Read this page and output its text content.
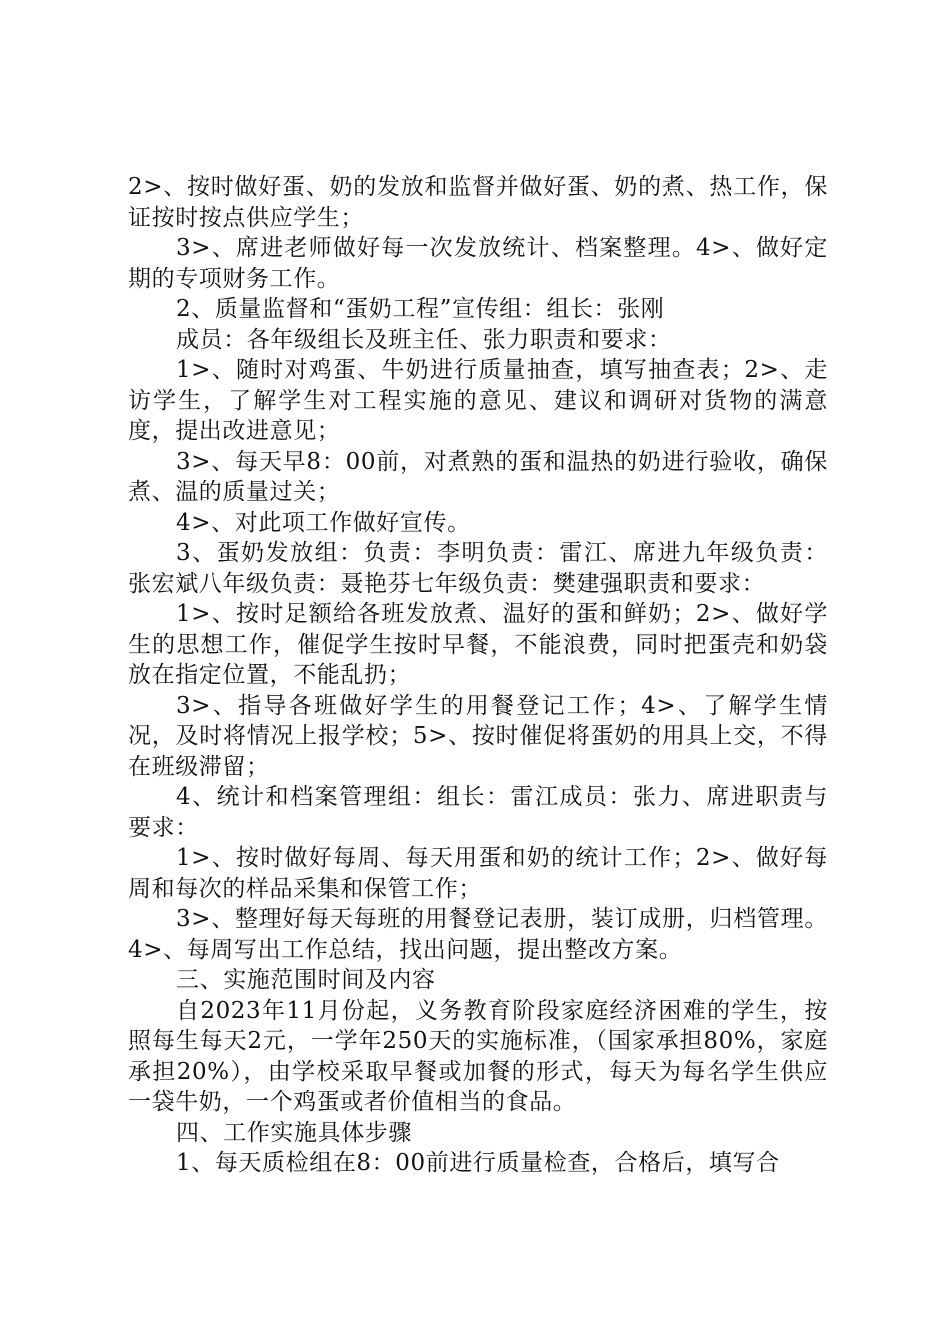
2>、按时做好蛋、奶的发放和监督并做好蛋、奶的煮、热工作，保证按时按点供应学生；

3>、席进老师做好每一次发放统计、档案整理。4>、做好定期的专项财务工作。

2、质量监督和“蛋奶工程”宣传组：组长：张刚

成员：各年级组长及班主任、张力职责和要求：

1>、随时对鸡蛋、牛奶进行质量抽查，填写抽查表；2>、走访学生，了解学生对工程实施的意见、建议和调研对货物的满意度，提出改进意见；

3>、每天早8：00前，对煮熟的蛋和温热的奶进行验收，确保煮、温的质量过关；

4>、对此项工作做好宣传。

3、蛋奶发放组：负责：李明负责：雷江、席进九年级负责：张宏斌八年级负责：聂艳芬七年级负责：樊建强职责和要求：

1>、按时足额给各班发放煮、温好的蛋和鲜奶；2>、做好学生的思想工作，催促学生按时早餐，不能浪费，同时把蛋壳和奶袋放在指定位置，不能乱扔；

3>、指导各班做好学生的用餐登记工作；4>、了解学生情况，及时将情况上报学校；5>、按时催促将蛋奶的用具上交，不得在班级滞留；

4、统计和档案管理组：组长：雷江成员：张力、席进职责与要求：

1>、按时做好每周、每天用蛋和奶的统计工作；2>、做好每周和每次的样品采集和保管工作；

3>、整理好每天每班的用餐登记表册，装订成册，归档管理。4>、每周写出工作总结，找出问题，提出整改方案。

三、实施范围时间及内容

自2023年11月份起，义务教育阶段家庭经济困难的学生，按照每生每天2元，一学年250天的实施标准，（国家承担80%，家庭承担20%），由学校采取早餐或加餐的形式，每天为每名学生供应一袋牛奶，一个鸡蛋或者价值相当的食品。

四、工作实施具体步骤

1、每天质检组在8：00前进行质量检查，合格后，填写合
